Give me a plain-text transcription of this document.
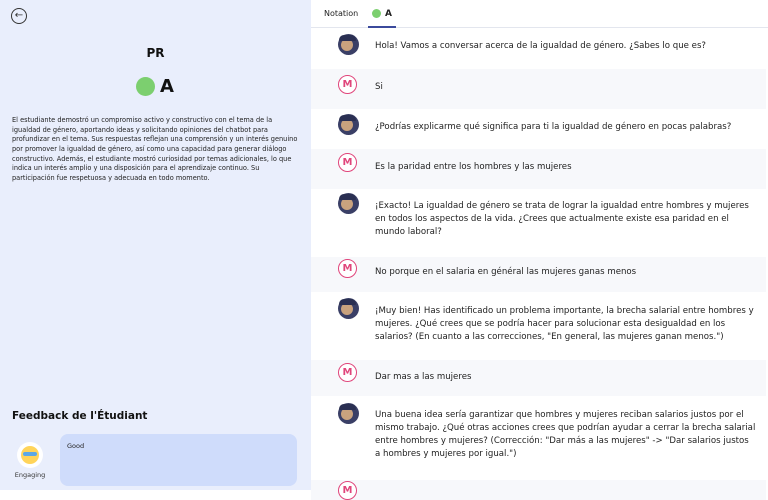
←
PR
A

El estudiante demostró un compromiso activo y constructivo con el tema de la igualdad de género, aportando ideas y solicitando opiniones del chatbot para profundizar en el tema. Sus respuestas reflejan una comprensión y un interés genuino por promover la igualdad de género, así como una capacidad para generar diálogo constructivo. Además, el estudiante mostró curiosidad por temas adicionales, lo que indica un interés amplio y una disposición para el aprendizaje continuo. Su participación fue respetuosa y adecuada en todo momento.

Feedback de l'Étudiant
Engaging
Good
Notation	A
Hola! Vamos a conversar acerca de la igualdad de género. ¿Sabes lo que es?
M	Si
¿Podrías explicarme qué significa para ti la igualdad de género en pocas palabras?
M	Es la paridad entre los hombres y las mujeres
¡Exacto! La igualdad de género se trata de lograr la igualdad entre hombres y mujeres en todos los aspectos de la vida. ¿Crees que actualmente existe esa paridad en el mundo laboral?
M	No porque en el salaria en général las mujeres ganas menos
¡Muy bien! Has identificado un problema importante, la brecha salarial entre hombres y mujeres. ¿Qué crees que se podría hacer para solucionar esta desigualdad en los salarios? (En cuanto a las correcciones, "En general, las mujeres ganan menos.")
M	Dar mas a las mujeres
Una buena idea sería garantizar que hombres y mujeres reciban salarios justos por el mismo trabajo. ¿Qué otras acciones crees que podrían ayudar a cerrar la brecha salarial entre hombres y mujeres? (Corrección: "Dar más a las mujeres" -> "Dar salarios justos a hombres y mujeres por igual.")
M
